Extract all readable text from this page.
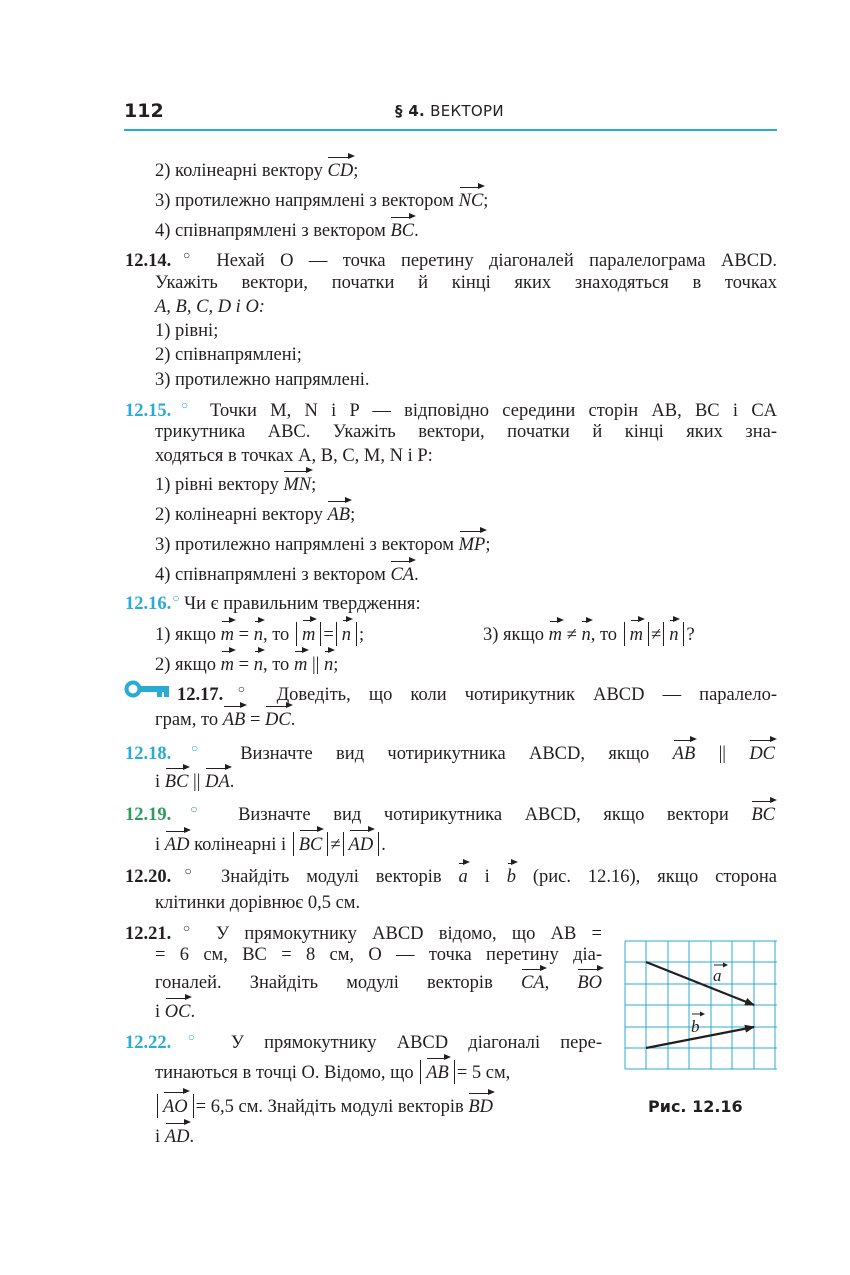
112	§ 4. ВЕКТОРИ
2) колінеарні вектору CD;
3) протилежно напрямлені з вектором NC;
4) співнапрямлені з вектором BC.
12.14.○ Нехай O — точка перетину діагоналей паралелограма ABCD.
Укажіть вектори, початки й кінці яких знаходяться в точках
A, B, C, D і O:
1) рівні;
2) співнапрямлені;
3) протилежно напрямлені.
12.15.○ Точки M, N і P — відповідно середини сторін AB, BC і CA
трикутника ABC. Укажіть вектори, початки й кінці яких зна-
ходяться в точках A, B, C, M, N і P:
1) рівні вектору MN;
2) колінеарні вектору AB;
3) протилежно напрямлені з вектором MP;
4) співнапрямлені з вектором CA.
12.16.○ Чи є правильним твердження:
1) якщо m = n, то m = n ;	3) якщо m ≠ n, то m ≠ n ?
2) якщо m = n, то m || n;
12.17.○ Доведіть, що коли чотирикутник ABCD — паралело-
грам, то AB = DC.
12.18.○ Визначте вид чотирикутника ABCD, якщо AB || DC
і BC || DA.
12.19.○ Визначте вид чотирикутника ABCD, якщо вектори BC
і AD колінеарні і BC ≠ AD .
12.20.○ Знайдіть модулі векторів a і b (рис. 12.16), якщо сторона
клітинки дорівнює 0,5 см.
12.21.○ У прямокутнику ABCD відомо, що AB =
= 6 см, BC = 8 см, O — точка перетину діа-
гоналей. Знайдіть модулі векторів CA, BO
і OC.
12.22.○ У прямокутнику ABCD діагоналі пере-
тинаються в точці O. Відомо, що AB = 5 см,
AO = 6,5 см. Знайдіть модулі векторів BD
і AD.
a
b
Рис. 12.16
